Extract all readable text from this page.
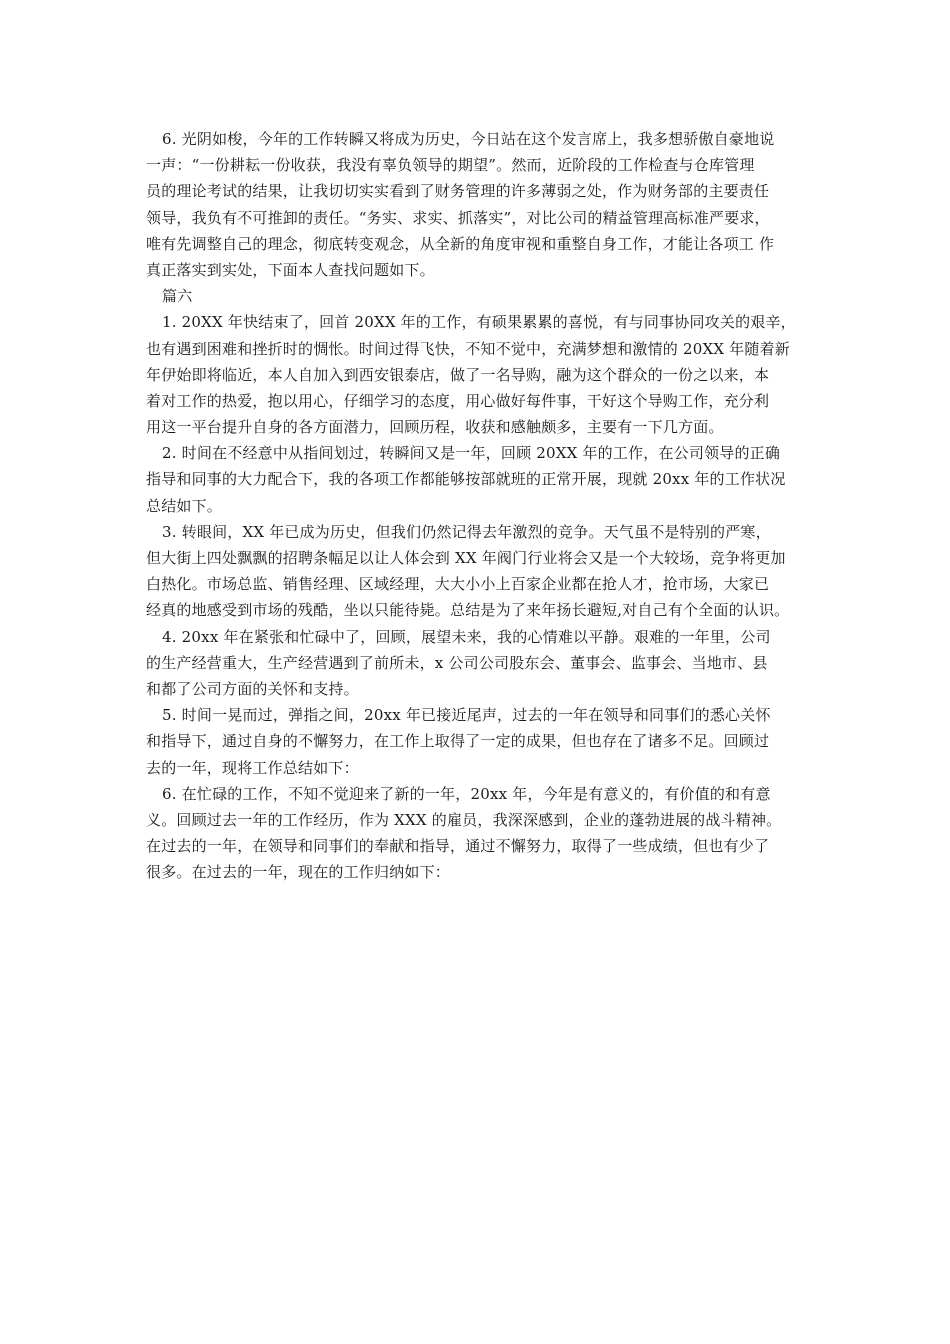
6. 光阴如梭，今年的工作转瞬又将成为历史，今日站在这个发言席上，我多想骄傲自豪地说
一声：“一份耕耘一份收获，我没有辜负领导的期望”。然而，近阶段的工作检查与仓库管理
员的理论考试的结果，让我切切实实看到了财务管理的许多薄弱之处，作为财务部的主要责任
领导，我负有不可推卸的责任。“务实、求实、抓落实”，对比公司的精益管理高标准严要求，
唯有先调整自己的理念，彻底转变观念，从全新的角度审视和重整自身工作，才能让各项工 作
真正落实到实处，下面本人查找问题如下。
篇六
1. 20XX 年快结束了，回首 20XX 年的工作，有硕果累累的喜悦，有与同事协同攻关的艰辛，
也有遇到困难和挫折时的惆怅。时间过得飞快，不知不觉中，充满梦想和激情的 20XX 年随着新
年伊始即将临近，本人自加入到西安银泰店，做了一名导购，融为这个群众的一份之以来，本
着对工作的热爱，抱以用心，仔细学习的态度，用心做好每件事，干好这个导购工作，充分利
用这一平台提升自身的各方面潜力，回顾历程，收获和感触颇多，主要有一下几方面。
2. 时间在不经意中从指间划过，转瞬间又是一年，回顾 20XX 年的工作，在公司领导的正确
指导和同事的大力配合下，我的各项工作都能够按部就班的正常开展，现就 20xx 年的工作状况
总结如下。
3. 转眼间，XX 年已成为历史，但我们仍然记得去年激烈的竞争。天气虽不是特别的严寒，
但大街上四处飘飘的招聘条幅足以让人体会到 XX 年阀门行业将会又是一个大较场，竞争将更加
白热化。市场总监、销售经理、区域经理，大大小小上百家企业都在抢人才，抢市场，大家已
经真的地感受到市场的残酷，坐以只能待毙。总结是为了来年扬长避短,对自己有个全面的认识。
4. 20xx 年在紧张和忙碌中了，回顾，展望未来，我的心情难以平静。艰难的一年里，公司
的生产经营重大，生产经营遇到了前所未，x 公司公司股东会、董事会、监事会、当地市、县
和都了公司方面的关怀和支持。
5. 时间一晃而过，弹指之间，20xx 年已接近尾声，过去的一年在领导和同事们的悉心关怀
和指导下，通过自身的不懈努力，在工作上取得了一定的成果，但也存在了诸多不足。回顾过
去的一年，现将工作总结如下：
6. 在忙碌的工作，不知不觉迎来了新的一年，20xx 年，今年是有意义的，有价值的和有意
义。回顾过去一年的工作经历，作为 XXX 的雇员，我深深感到，企业的蓬勃进展的战斗精神。
在过去的一年，在领导和同事们的奉献和指导，通过不懈努力，取得了一些成绩，但也有少了
很多。在过去的一年，现在的工作归纳如下：
